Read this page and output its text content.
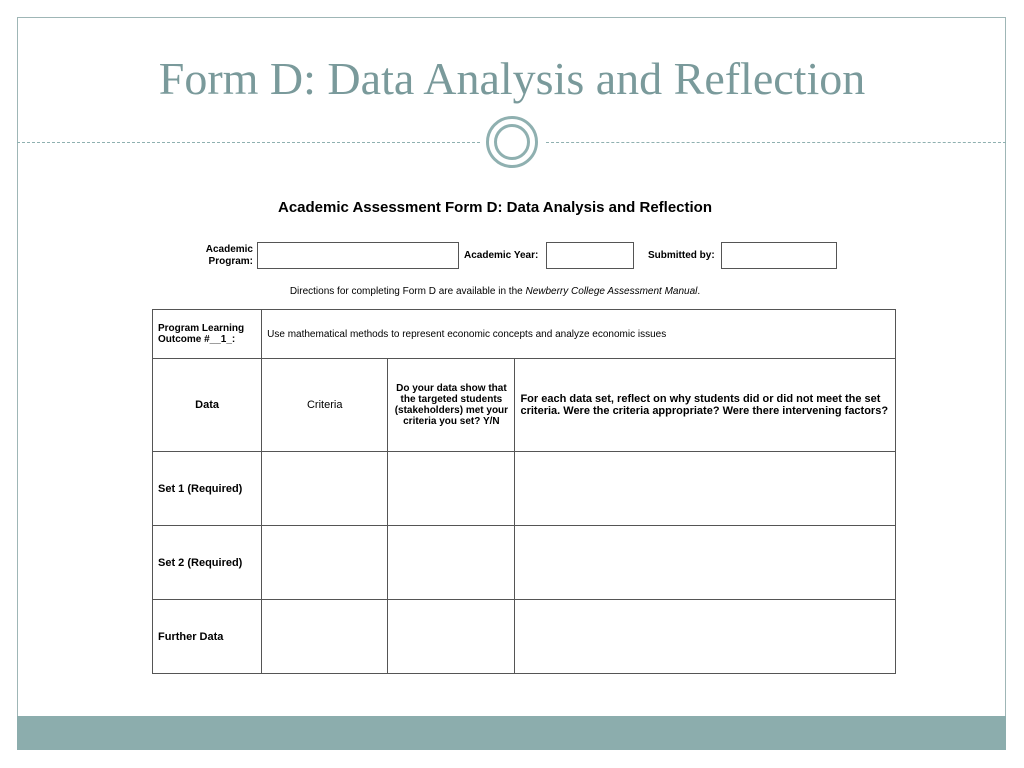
Form D: Data Analysis and Reflection

Academic Assessment Form D: Data Analysis and Reflection

Academic Program:
Academic Year:	Submitted by:
Directions for completing Form D are available in the Newberry College Assessment Manual.
Program Learning Outcome #__1_:	Use mathematical methods to represent economic concepts and analyze economic issues		
Data	Criteria	Do your data show that the targeted students (stakeholders) met your criteria you set? Y/N	For each data set, reflect on why students did or did not meet the set criteria. Were the criteria appropriate? Were there intervening factors?
Set 1 (Required)			
Set 2 (Required)			
Further Data			
